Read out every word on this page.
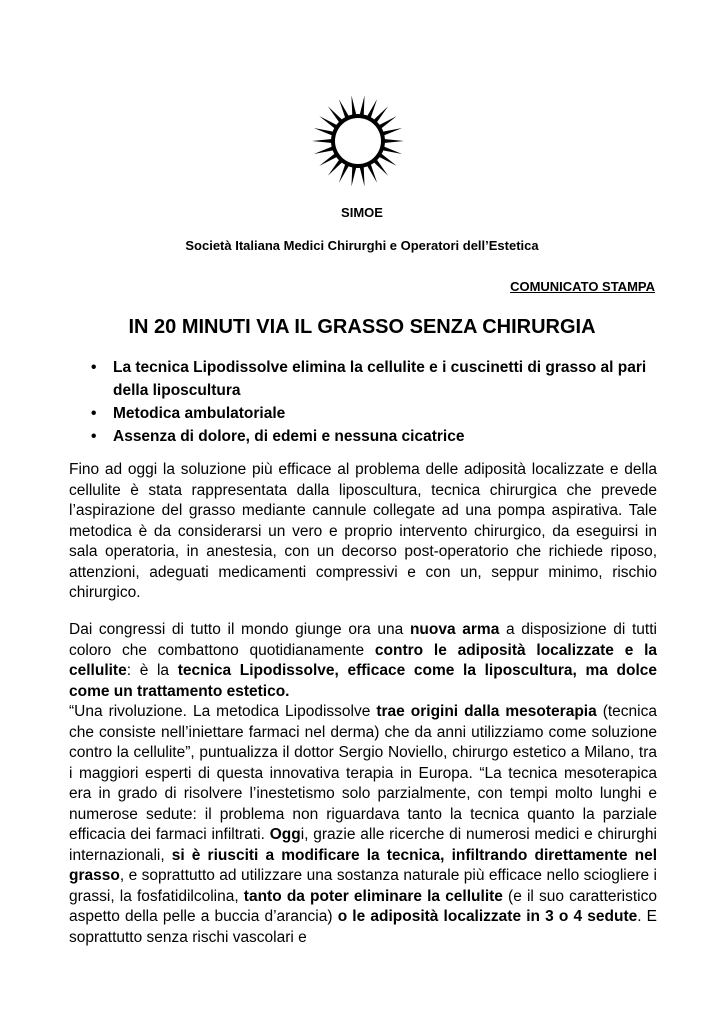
SIMOE
Società Italiana Medici Chirurghi e Operatori dell’Estetica
COMUNICATO STAMPA
IN 20 MINUTI VIA IL GRASSO SENZA CHIRURGIA
• La tecnica Lipodissolve elimina la cellulite e i cuscinetti di grasso al pari della liposcultura
• Metodica ambulatoriale
• Assenza di dolore, di edemi e nessuna cicatrice

Fino ad oggi la soluzione più efficace al problema delle adiposità localizzate e della cellulite è stata rappresentata dalla liposcultura, tecnica chirurgica che prevede l’aspirazione del grasso mediante cannule collegate ad una pompa aspirativa. Tale metodica è da considerarsi un vero e proprio intervento chirurgico, da eseguirsi in sala operatoria, in anestesia, con un decorso post-operatorio che richiede riposo, attenzioni, adeguati medicamenti compressivi e con un, seppur minimo, rischio chirurgico.

Dai congressi di tutto il mondo giunge ora una nuova arma a disposizione di tutti coloro che combattono quotidianamente contro le adiposità localizzate e la cellulite: è la tecnica Lipodissolve, efficace come la liposcultura, ma dolce come un trattamento estetico.

“Una rivoluzione. La metodica Lipodissolve trae origini dalla mesoterapia (tecnica che consiste nell’iniettare farmaci nel derma) che da anni utilizziamo come soluzione contro la cellulite”, puntualizza il dottor Sergio Noviello, chirurgo estetico a Milano, tra i maggiori esperti di questa innovativa terapia in Europa. “La tecnica mesoterapica era in grado di risolvere l’inestetismo solo parzialmente, con tempi molto lunghi e numerose sedute: il problema non riguardava tanto la tecnica quanto la parziale efficacia dei farmaci infiltrati. Oggi, grazie alle ricerche di numerosi medici e chirurghi internazionali, si è riusciti a modificare la tecnica, infiltrando direttamente nel grasso, e soprattutto ad utilizzare una sostanza naturale più efficace nello sciogliere i grassi, la fosfatidilcolina, tanto da poter eliminare la cellulite (e il suo caratteristico aspetto della pelle a buccia d’arancia) o le adiposità localizzate in 3 o 4 sedute. E soprattutto senza rischi vascolari e
